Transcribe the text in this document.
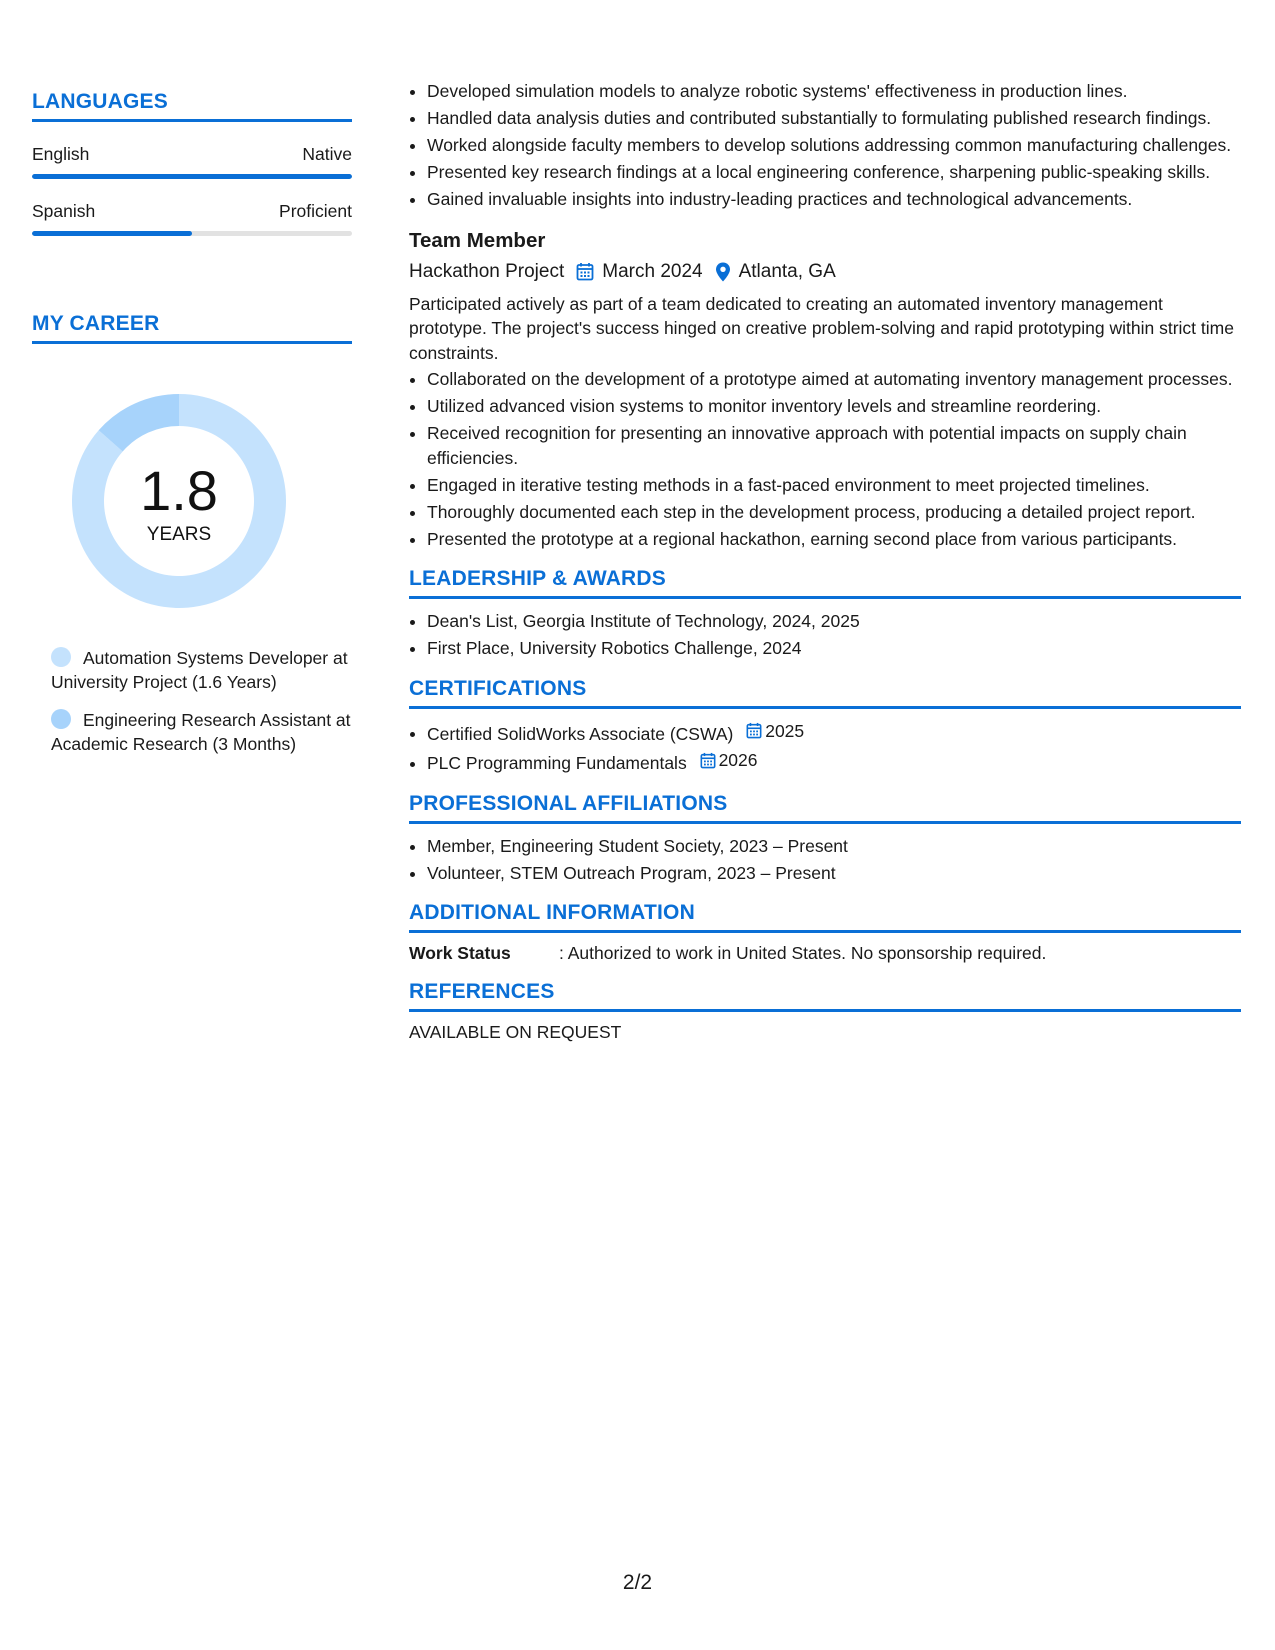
LANGUAGES
English	Native
Spanish	Proficient
MY CAREER
1.8
YEARS
Automation Systems Developer at University Project (1.6 Years)
Engineering Research Assistant at Academic Research (3 Months)
• Developed simulation models to analyze robotic systems' effectiveness in production lines.
• Handled data analysis duties and contributed substantially to formulating published research findings.
• Worked alongside faculty members to develop solutions addressing common manufacturing challenges.
• Presented key research findings at a local engineering conference, sharpening public-speaking skills.
• Gained invaluable insights into industry-leading practices and technological advancements.
Team Member
Hackathon Project March 2024 Atlanta, GA
Participated actively as part of a team dedicated to creating an automated inventory management prototype. The project's success hinged on creative problem-solving and rapid prototyping within strict time constraints.
• Collaborated on the development of a prototype aimed at automating inventory management processes.
• Utilized advanced vision systems to monitor inventory levels and streamline reordering.
• Received recognition for presenting an innovative approach with potential impacts on supply chain efficiencies.
• Engaged in iterative testing methods in a fast-paced environment to meet projected timelines.
• Thoroughly documented each step in the development process, producing a detailed project report.
• Presented the prototype at a regional hackathon, earning second place from various participants.
LEADERSHIP & AWARDS
• Dean's List, Georgia Institute of Technology, 2024, 2025
• First Place, University Robotics Challenge, 2024
CERTIFICATIONS
• Certified SolidWorks Associate (CSWA) 2025
• PLC Programming Fundamentals 2026
PROFESSIONAL AFFILIATIONS
• Member, Engineering Student Society, 2023 – Present
• Volunteer, STEM Outreach Program, 2023 – Present
ADDITIONAL INFORMATION
Work Status	: Authorized to work in United States. No sponsorship required.
REFERENCES
AVAILABLE ON REQUEST
2/2
